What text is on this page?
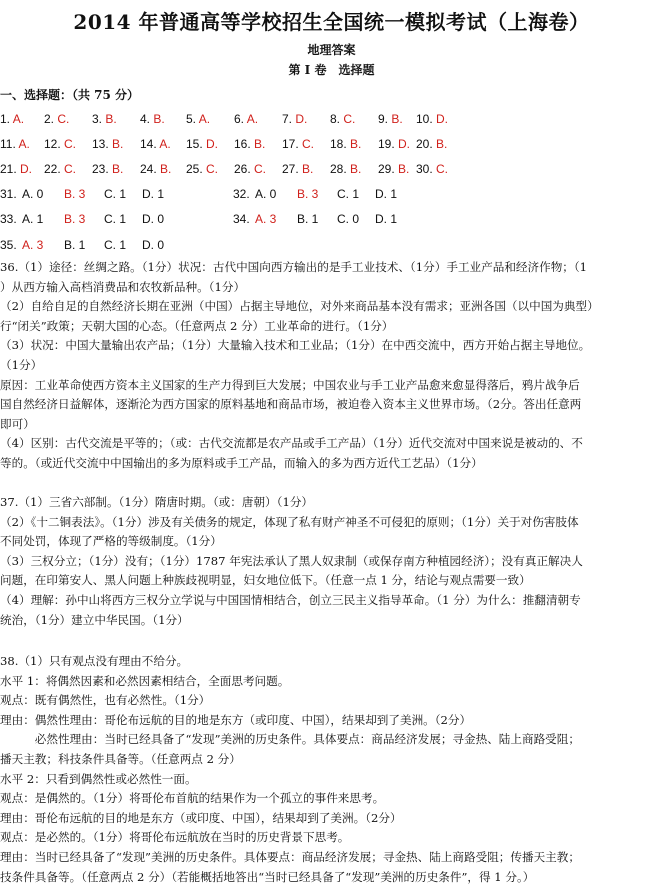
2014 年普通高等学校招生全国统一模拟考试（上海卷）
地理答案
第 I 卷　选择题
一、选择题：（共 75 分）
1. A. 2. C. 3. B. 4. B. 5. A. 6. A. 7. D. 8. C. 9. B. 10. D.
11. A. 12. C. 13. B. 14. A. 15. D. 16. B. 17. C. 18. B. 19. D. 20. B.
21. D. 22. C. 23. B. 24. B. 25. C. 26. C. 27. B. 28. B. 29. B. 30. C.
31. A. 0 B. 3 C. 1 D. 1	32. A. 0 B. 3 C. 1 D. 1
33. A. 1 B. 3 C. 1 D. 0	34. A. 3 B. 1 C. 0 D. 1
35. A. 3 B. 1 C. 1 D. 0
36.（1）途径：丝绸之路。（1分）状况：古代中国向西方输出的是手工业技术、（1分）手工业产品和经济作物；（1
）从西方输入高档消费品和农牧新品种。（1分）
（2）自给自足的自然经济长期在亚洲（中国）占据主导地位，对外来商品基本没有需求；亚洲各国（以中国为典型）
行“闭关”政策；天朝大国的心态。（任意两点 2 分）工业革命的进行。（1分）
（3）状况：中国大量输出农产品；（1分）大量输入技术和工业品；（1分）在中西交流中，西方开始占据主导地位。
（1分）
原因：工业革命使西方资本主义国家的生产力得到巨大发展；中国农业与手工业产品愈来愈显得落后，鸦片战争后
国自然经济日益解体，逐渐沦为西方国家的原料基地和商品市场，被迫卷入资本主义世界市场。（2分。答出任意两
即可）
（4）区别：古代交流是平等的；（或：古代交流都是农产品或手工产品）（1分）近代交流对中国来说是被动的、不
等的。（或近代交流中中国输出的多为原料或手工产品，而输入的多为西方近代工艺品）（1分）
37.（1）三省六部制。（1分）隋唐时期。（或：唐朝）（1分）
（2）《十二铜表法》。（1分）涉及有关债务的规定，体现了私有财产神圣不可侵犯的原则；（1分）关于对伤害肢体
不同处罚，体现了严格的等级制度。（1分）
（3）三权分立；（1分）没有；（1分）1787 年宪法承认了黑人奴隶制（或保存南方种植园经济）；没有真正解决人
问题，在印第安人、黑人问题上种族歧视明显，妇女地位低下。（任意一点 1 分，结论与观点需要一致）
（4）理解：孙中山将西方三权分立学说与中国国情相结合，创立三民主义指导革命。（1 分）为什么：推翻清朝专
统治，（1分）建立中华民国。（1分）
38.（1）只有观点没有理由不给分。
水平 1：将偶然因素和必然因素相结合，全面思考问题。
观点：既有偶然性，也有必然性。（1分）
理由：偶然性理由：哥伦布远航的目的地是东方（或印度、中国），结果却到了美洲。（2分）
　　　必然性理由：当时已经具备了“发现”美洲的历史条件。具体要点：商品经济发展；寻金热、陆上商路受阻；
播天主教；科技条件具备等。（任意两点 2 分）
水平 2：只看到偶然性或必然性一面。
观点：是偶然的。（1分）将哥伦布首航的结果作为一个孤立的事件来思考。
理由：哥伦布远航的目的地是东方（或印度、中国），结果却到了美洲。（2分）
观点：是必然的。（1分）将哥伦布远航放在当时的历史背景下思考。
理由：当时已经具备了“发现”美洲的历史条件。具体要点：商品经济发展；寻金热、陆上商路受阻；传播天主教；
技条件具备等。（任意两点 2 分）（若能概括地答出“当时已经具备了“发现”美洲的历史条件”，得 1 分。）
